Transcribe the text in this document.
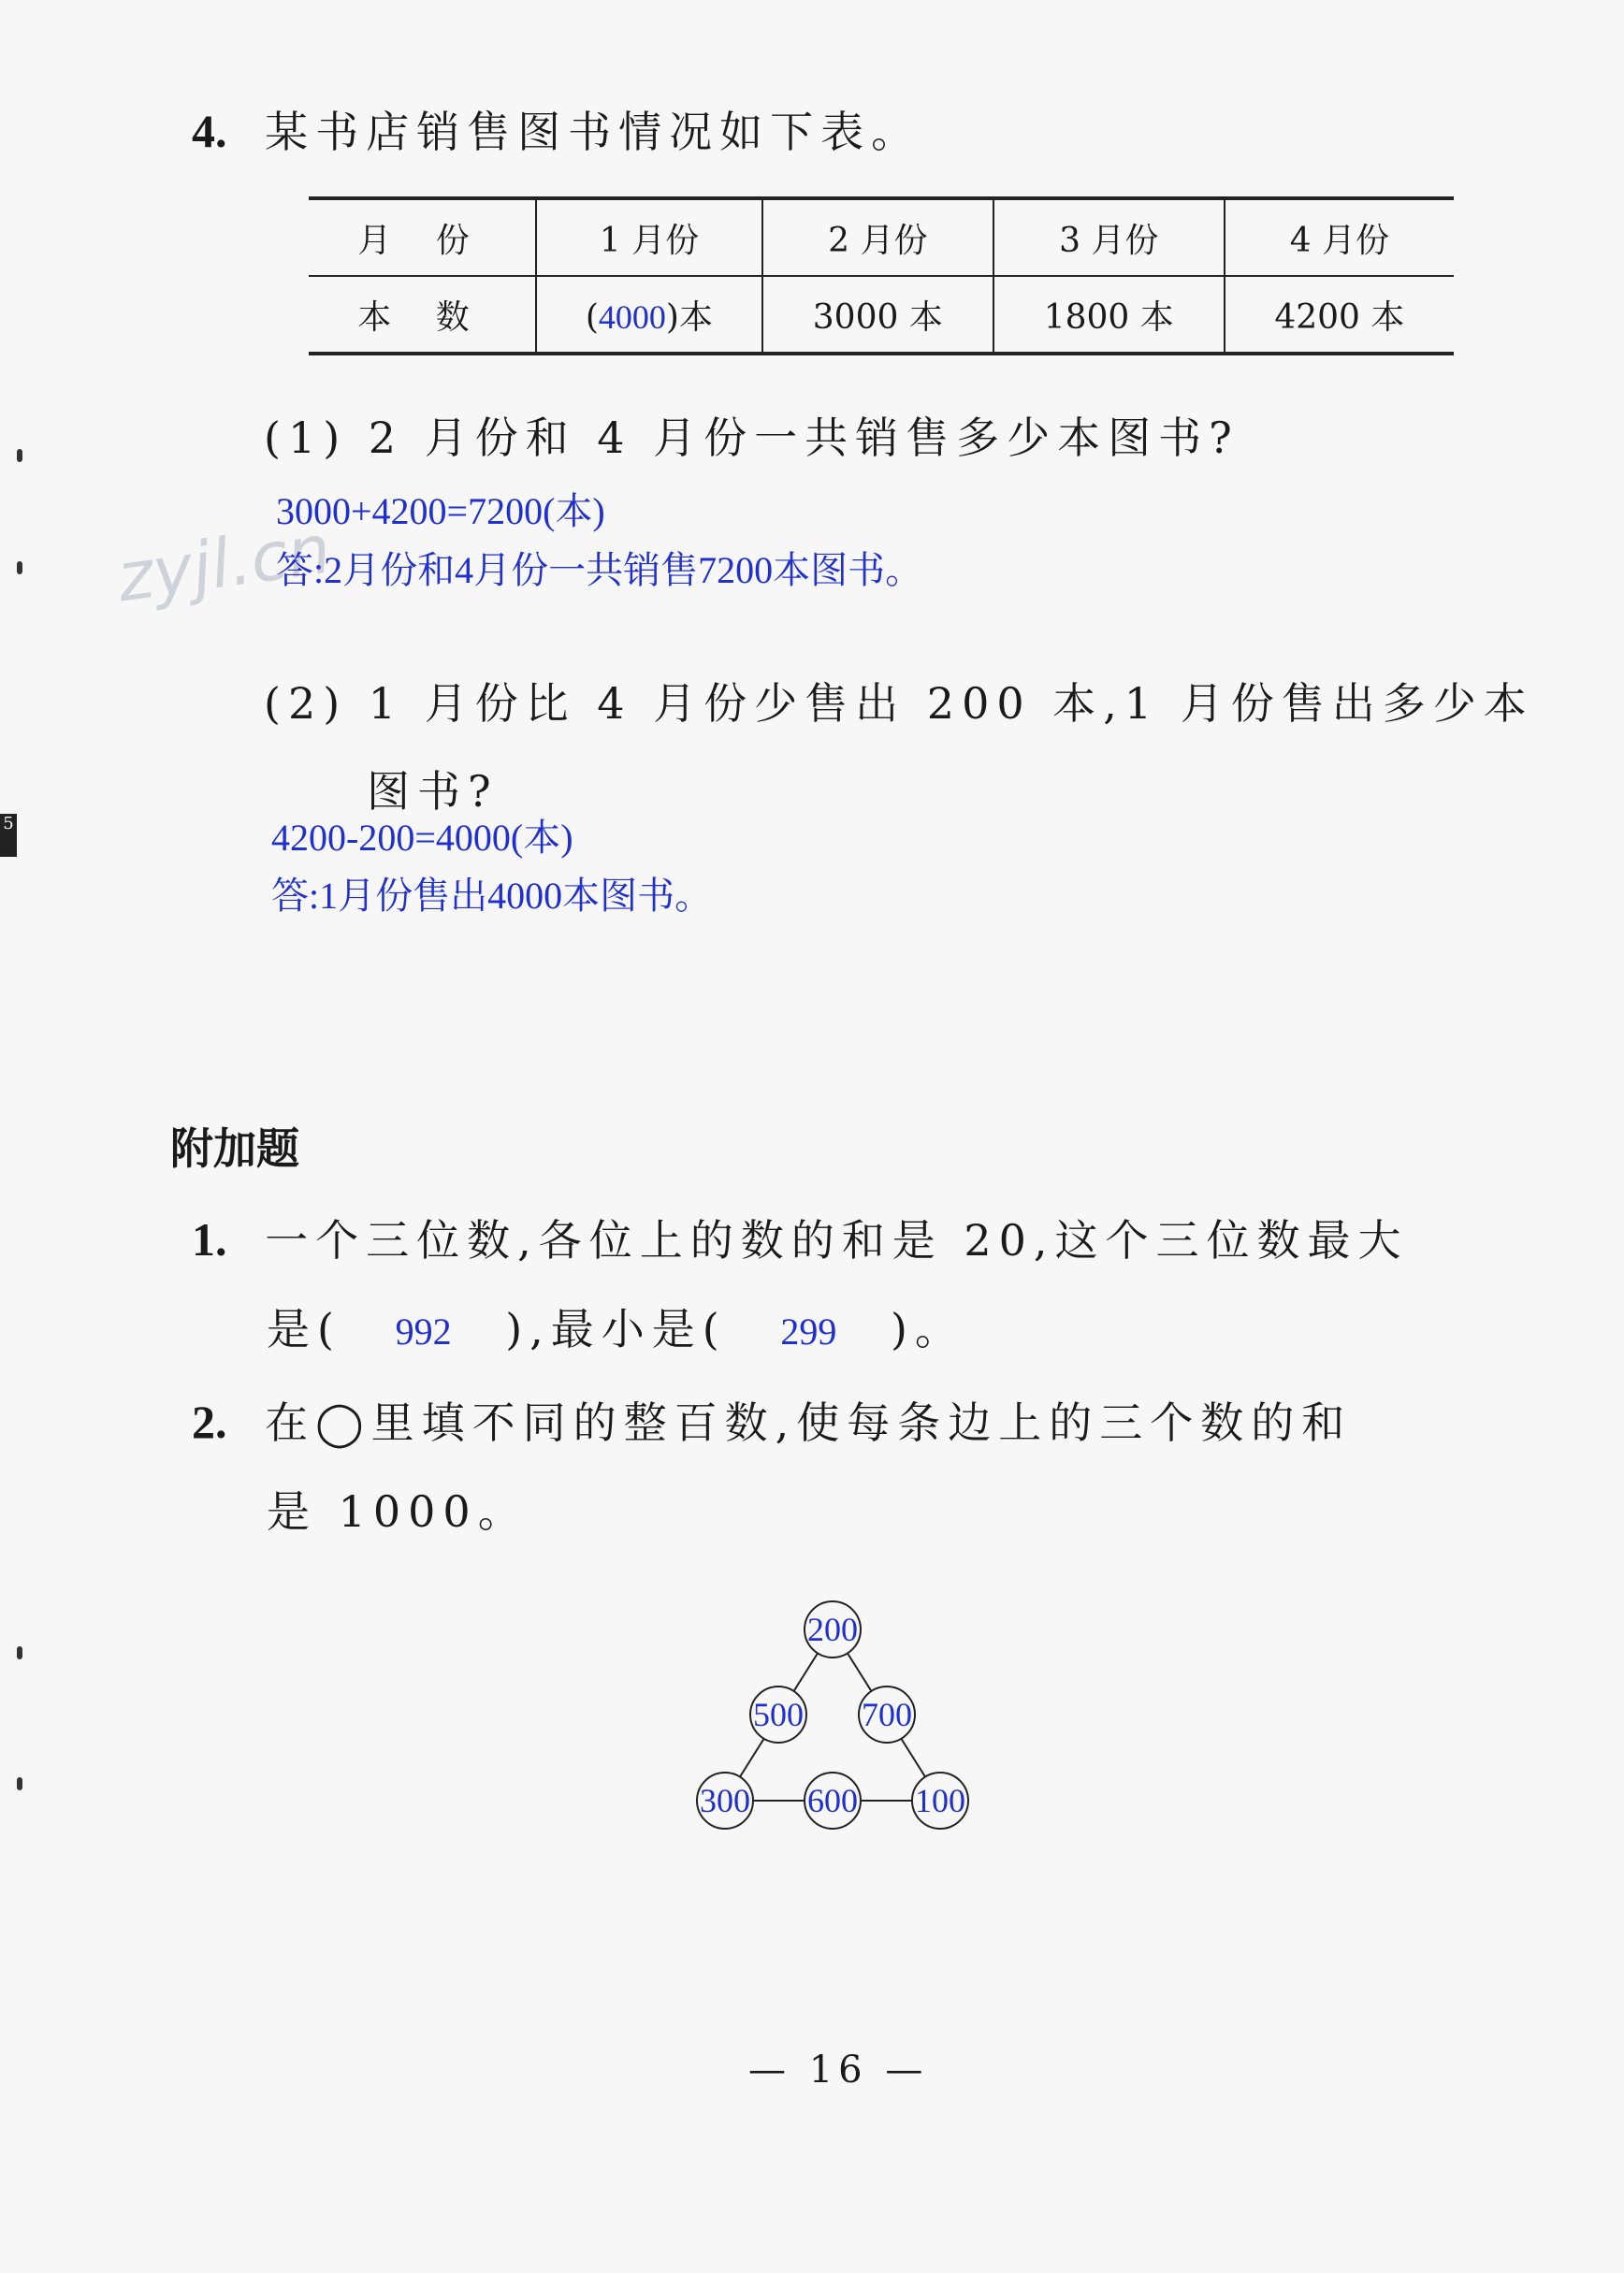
5
4. 某书店销售图书情况如下表。
月 份	1 月份	2 月份	3 月份	4 月份
本 数	(4000)本	3000 本	1800 本	4200 本
(1) 2 月份和 4 月份一共销售多少本图书?
3000+4200=7200(本)
zyjl.cn
答:2月份和4月份一共销售7200本图书。
(2) 1 月份比 4 月份少售出 200 本,1 月份售出多少本
图书?
4200-200=4000(本)
答:1月份售出4000本图书。
附加题
1. 一个三位数,各位上的数的和是 20,这个三位数最大
是( 992 ),最小是( 299 )。
2. 在◯里填不同的整百数,使每条边上的三个数的和
是 1000。
200
500 700
300 600 100
— 16 —
